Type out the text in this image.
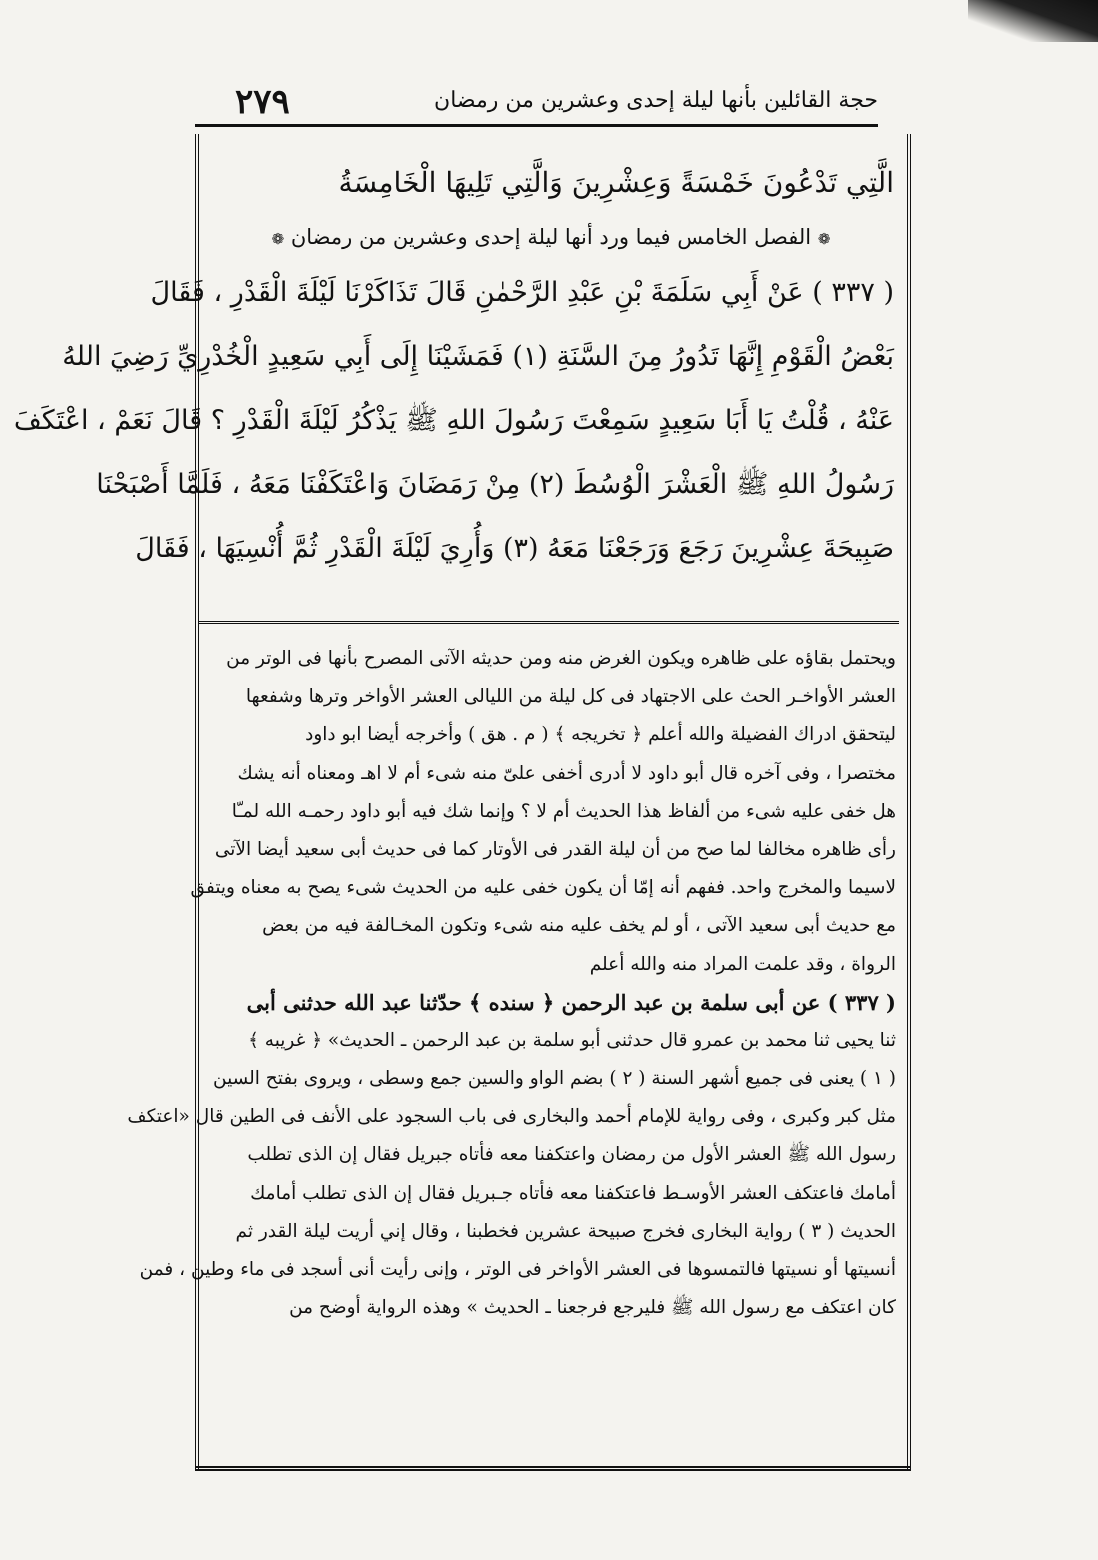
٢٧٩	حجة القائلين بأنها ليلة إحدى وعشرين من رمضان
الَّتِي تَدْعُونَ خَمْسَةً وَعِشْرِينَ وَالَّتِي تَلِيهَا الْخَامِسَةُ
❁ الفصل الخامس فيما ورد أنها ليلة إحدى وعشرين من رمضان ❁
( ٣٣٧ ) عَنْ أَبِي سَلَمَةَ بْنِ عَبْدِ الرَّحْمٰنِ قَالَ تَذَاكَرْنَا لَيْلَةَ الْقَدْرِ ، فَقَالَ
بَعْضُ الْقَوْمِ إِنَّهَا تَدُورُ مِنَ السَّنَةِ (١) فَمَشَيْنَا إِلَى أَبِي سَعِيدٍ الْخُدْرِيِّ رَضِيَ اللهُ
عَنْهُ ، قُلْتُ يَا أَبَا سَعِيدٍ سَمِعْتَ رَسُولَ اللهِ ﷺ يَذْكُرُ لَيْلَةَ الْقَدْرِ ؟ قَالَ نَعَمْ ، اعْتَكَفَ
رَسُولُ اللهِ ﷺ الْعَشْرَ الْوُسُطَ (٢) مِنْ رَمَضَانَ وَاعْتَكَفْنَا مَعَهُ ، فَلَمَّا أَصْبَحْنَا
صَبِيحَةَ عِشْرِينَ رَجَعَ وَرَجَعْنَا مَعَهُ (٣) وَأُرِيَ لَيْلَةَ الْقَدْرِ ثُمَّ أُنْسِيَهَا ، فَقَالَ
ويحتمل بقاؤه على ظاهره ويكون الغرض منه ومن حديثه الآتى المصرح بأنها فى الوتر من
العشر الأواخـر الحث على الاجتهاد فى كل ليلة من الليالى العشر الأواخر وترها وشفعها
ليتحقق ادراك الفضيلة والله أعلم ﴿ تخريجه ﴾ ( م . هق ) وأخرجه أيضا ابو داود
مختصرا ، وفى آخره قال أبو داود لا أدرى أخفى علىّ منه شىء أم لا اهـ ومعناه أنه يشك
هل خفى عليه شىء من ألفاظ هذا الحديث أم لا ؟ وإنما شك فيه أبو داود رحمـه الله لمـّا
رأى ظاهره مخالفا لما صح من أن ليلة القدر فى الأوتار كما فى حديث أبى سعيد أيضا الآتى
لاسيما والمخرج واحد. ففهم أنه إمّا أن يكون خفى عليه من الحديث شىء يصح به معناه ويتفق
مع حديث أبى سعيد الآتى ، أو لم يخف عليه منه شىء وتكون المخـالفة فيه من بعض
الرواة ، وقد علمت المراد منه والله أعلم
( ٣٣٧ ) عن أبى سلمة بن عبد الرحمن ﴿ سنده ﴾ حدّثنا عبد الله حدثنى أبى
ثنا يحيى ثنا محمد بن عمرو قال حدثنى أبو سلمة بن عبد الرحمن ـ الحديث» ﴿ غريبه ﴾
( ١ ) يعنى فى جميع أشهر السنة ( ٢ ) بضم الواو والسين جمع وسطى ، ويروى بفتح السين
مثل كبر وكبرى ، وفى رواية للإمام أحمد والبخارى فى باب السجود على الأنف فى الطين قال «اعتكف
رسول الله ﷺ العشر الأول من رمضان واعتكفنا معه فأتاه جبريل فقال إن الذى تطلب
أمامك فاعتكف العشر الأوسـط فاعتكفنا معه فأتاه جـبريل فقال إن الذى تطلب أمامك
الحديث ( ٣ ) رواية البخارى فخرج صبيحة عشرين فخطبنا ، وقال إني أريت ليلة القدر ثم
أنسيتها أو نسيتها فالتمسوها فى العشر الأواخر فى الوتر ، وإنى رأيت أنى أسجد فى ماء وطين ، فمن
كان اعتكف مع رسول الله ﷺ فليرجع فرجعنا ـ الحديث » وهذه الرواية أوضح من
